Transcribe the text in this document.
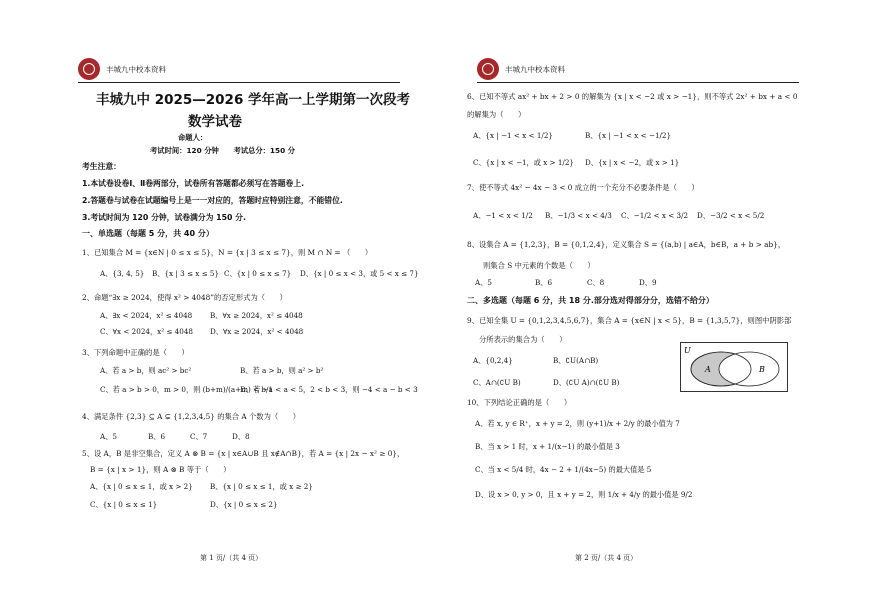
丰城九中校本资料
丰城九中 2025—2026 学年高一上学期第一次段考
数学试卷
命题人：
考试时间：120 分钟　　考试总分：150 分
考生注意：
1.本试卷设卷Ⅰ、Ⅱ卷两部分，试卷所有答题都必须写在答题卷上.
2.答题卷与试卷在试题编号上是一一对应的，答题时应特别注意，不能错位.
3.考试时间为 120 分钟，试卷满分为 150 分.
一、单选题（每题 5 分，共 40 分）
1、已知集合 M = {x∈N | 0 ≤ x ≤ 5}，N = {x | 3 ≤ x ≤ 7}，则 M ∩ N = （　　）
A、{3, 4, 5} B、{x | 3 ≤ x ≤ 5} C、{x | 0 ≤ x ≤ 7} D、{x | 0 ≤ x < 3，或 5 < x ≤ 7}
2、命题“∃x ≥ 2024，使得 x² > 4048”的否定形式为（　　）
A、∃x < 2024，x² ≤ 4048 B、∀x ≥ 2024，x² ≤ 4048
C、∀x < 2024，x² ≤ 4048 D、∀x ≥ 2024，x² < 4048
3、下列命题中正确的是（　　）
A、若 a > b，则 ac² > bc²	B、若 a > b，则 a² > b²
C、若 a > b > 0，m > 0，则 (b+m)/(a+m) < b/a
D、若 −1 < a < 5，2 < b < 3，则 −4 < a − b < 3
4、满足条件 {2,3} ⊆ A ⊊ {1,2,3,4,5} 的集合 A 个数为（　　）
A、5	B、6	C、7	D、8
5、设 A，B 是非空集合，定义 A ⊗ B = {x | x∈A∪B 且 x∉A∩B}，若 A = {x | 2x − x² ≥ 0}，
B = {x | x > 1}，则 A ⊗ B 等于（　　）
A、{x | 0 ≤ x ≤ 1，或 x > 2} B、{x | 0 ≤ x ≤ 1，或 x ≥ 2}
C、{x | 0 ≤ x ≤ 1}	D、{x | 0 ≤ x ≤ 2}
第 1 页/（共 4 页）
丰城九中校本资料
6、已知不等式 ax² + bx + 2 > 0 的解集为 {x | x < −2 或 x > −1}，则不等式 2x² + bx + a < 0
的解集为（　　）
A、{x | −1 < x < 1/2}	B、{x | −1 < x < −1/2}
C、{x | x < −1，或 x > 1/2} D、{x | x < −2，或 x > 1}
7、使不等式 4x² − 4x − 3 < 0 成立的一个充分不必要条件是（　　）
A、−1 < x < 1/2 B、−1/3 < x < 4/3 C、−1/2 < x < 3/2 D、−3/2 < x < 5/2
8、设集合 A = {1,2,3}，B = {0,1,2,4}，定义集合 S = {(a,b) | a∈A，b∈B，a + b > ab}，
则集合 S 中元素的个数是（　　）
A、5	B、6	C、8	D、9
二、多选题（每题 6 分，共 18 分.部分选对得部分分，选错不给分）
9、已知全集 U = {0,1,2,3,4,5,6,7}，集合 A = {x∈N | x < 5}，B = {1,3,5,7}，则图中阴影部
分所表示的集合为（　　）
A、{0,2,4}	B、∁U(A∩B)
C、A∩(∁U B)	D、(∁U A)∩(∁U B)
10、下列结论正确的是（　　）
A、若 x, y ∈ R⁺，x + y = 2，则 (y+1)/x + 2/y 的最小值为 7
B、当 x > 1 时，x + 1/(x−1) 的最小值是 3
C、当 x < 5/4 时，4x − 2 + 1/(4x−5) 的最大值是 5
D、设 x > 0, y > 0，且 x + y = 2，则 1/x + 4/y 的最小值是 9/2
第 2 页/（共 4 页）
U
A	B
